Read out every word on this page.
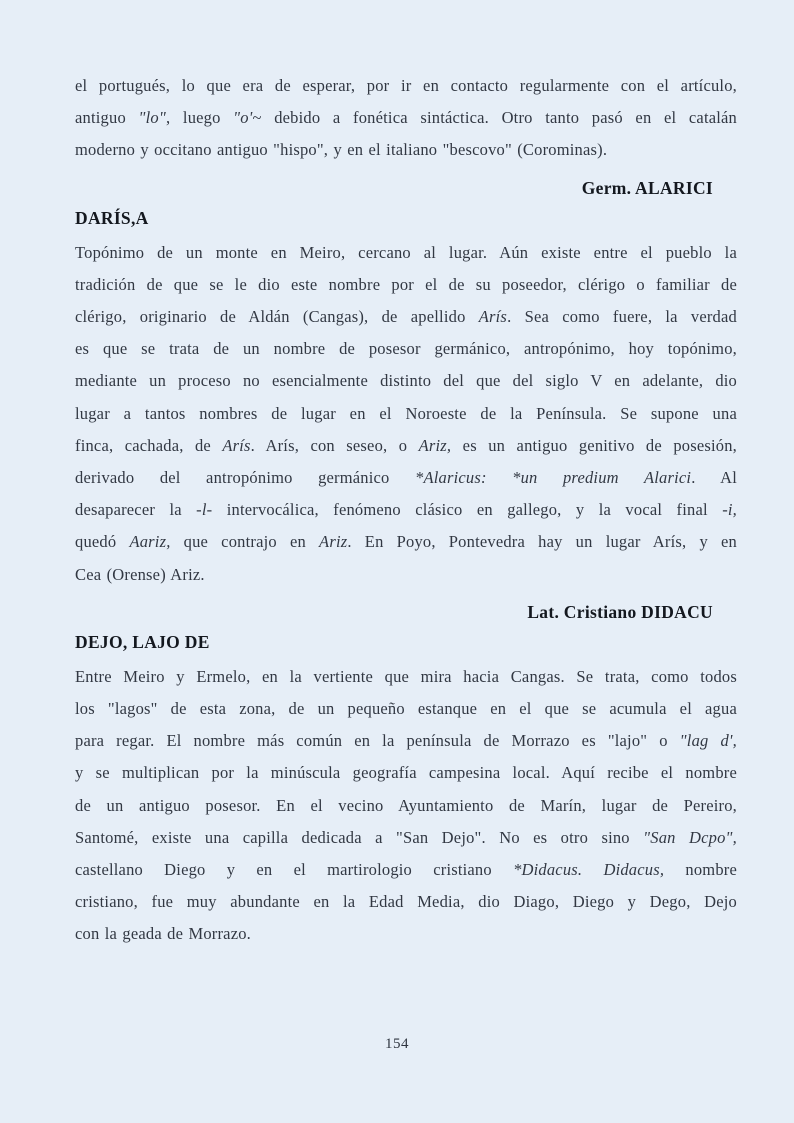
el portugués, lo que era de esperar, por ir en contacto regularmente con el artículo,
antiguo "lo", luego "o'~ debido a fonética sintáctica. Otro tanto pasó en el catalán
moderno y occitano antiguo "hispo", y en el italiano "bescovo" (Corominas).
Germ. ALARICI
DARÍS,A
Topónimo de un monte en Meiro, cercano al lugar. Aún existe entre el pueblo la
tradición de que se le dio este nombre por el de su poseedor, clérigo o familiar de
clérigo, originario de Aldán (Cangas), de apellido Arís. Sea como fuere, la verdad
es que se trata de un nombre de posesor germánico, antropónimo, hoy topónimo,
mediante un proceso no esencialmente distinto del que del siglo V en adelante, dio
lugar a tantos nombres de lugar en el Noroeste de la Península. Se supone una
finca, cachada, de Arís. Arís, con seseo, o Ariz, es un antiguo genitivo de posesión,
derivado del antropónimo germánico *Alaricus: *un predium Alarici. Al
desaparecer la -l- intervocálica, fenómeno clásico en gallego, y la vocal final -i,
quedó Aariz, que contrajo en Ariz. En Poyo, Pontevedra hay un lugar Arís, y en
Cea (Orense) Ariz.
Lat. Cristiano DIDACU
DEJO, LAJO DE
Entre Meiro y Ermelo, en la vertiente que mira hacia Cangas. Se trata, como todos
los "lagos" de esta zona, de un pequeño estanque en el que se acumula el agua
para regar. El nombre más común en la península de Morrazo es "lajo" o "lag d',
y se multiplican por la minúscula geografía campesina local. Aquí recibe el nombre
de un antiguo posesor. En el vecino Ayuntamiento de Marín, lugar de Pereiro,
Santomé, existe una capilla dedicada a "San Dejo". No es otro sino "San Dcpo",
castellano Diego y en el martirologio cristiano *Didacus. Didacus, nombre
cristiano, fue muy abundante en la Edad Media, dio Diago, Diego y Dego, Dejo
con la geada de Morrazo.
154
